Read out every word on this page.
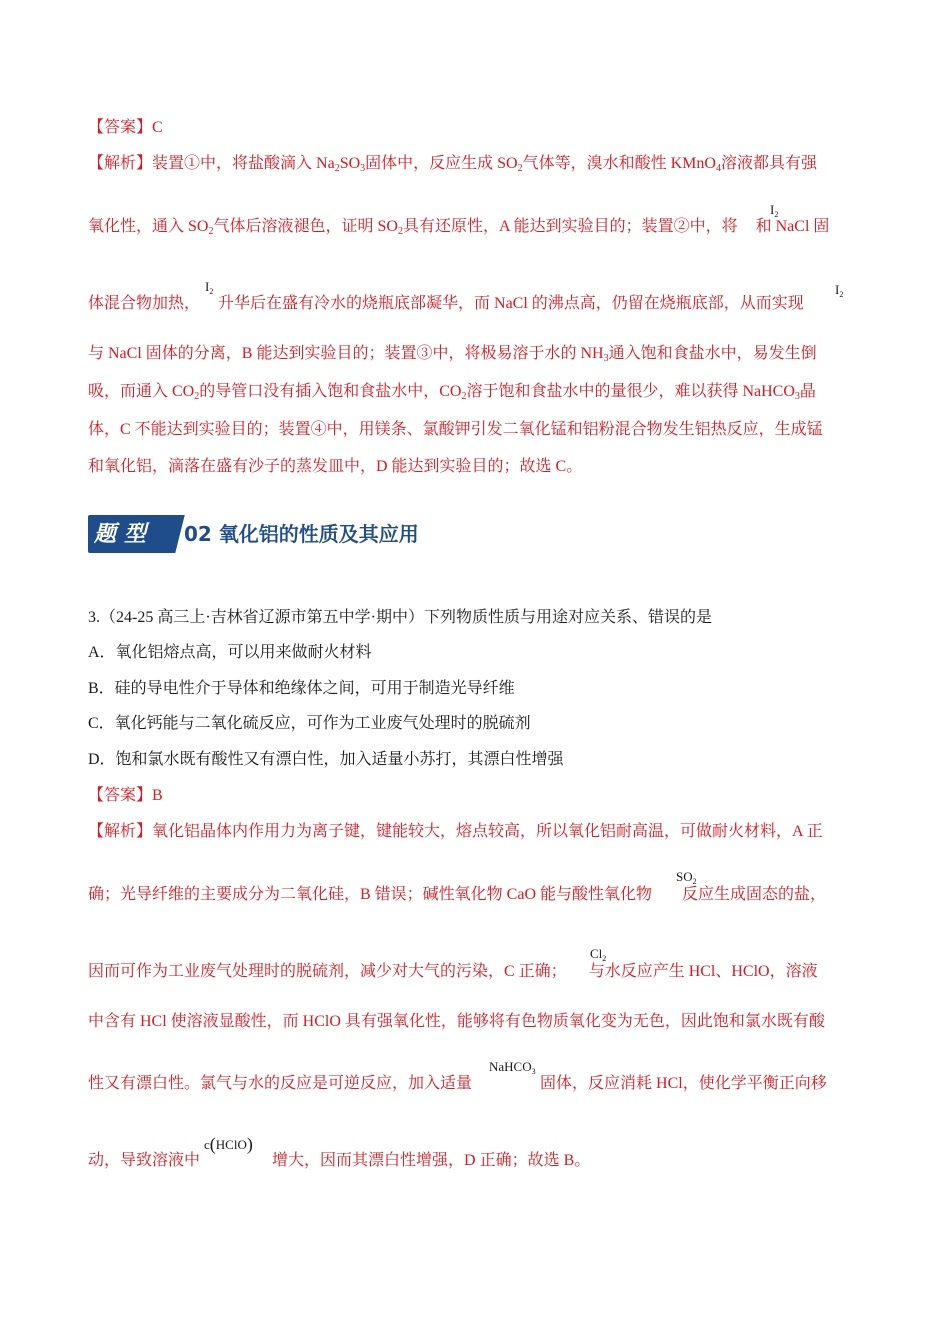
【答案】C
【解析】装置①中，将盐酸滴入 $Na_2SO_3$固体中，反应生成 $SO_2$气体等，溴水和酸性 KMnO$_4$溶液都具有强
氧化性，通入 $SO_2$气体后溶液褪色，证明 $SO_2$具有还原性，A 能达到实验目的；装置②中，将 和 NaCl 固
$I_2$
体混合物加热， 升华后在盛有冷水的烧瓶底部凝华，而 NaCl 的沸点高，仍留在烧瓶底部，从而实现
$I_2$	$I_2$
与 NaCl 固体的分离，B 能达到实验目的；装置③中，将极易溶于水的 $NH_3$通入饱和食盐水中，易发生倒
吸，而通入 $CO_2$的导管口没有插入饱和食盐水中，$CO_2$溶于饱和食盐水中的量很少，难以获得 NaHCO$_3$晶
体，C 不能达到实验目的；装置④中，用镁条、氯酸钾引发二氧化锰和铝粉混合物发生铝热反应，生成锰
和氧化铝，滴落在盛有沙子的蒸发皿中，D 能达到实验目的；故选 C。
题型 02 氧化铝的性质及其应用
3.（24-25 高三上·吉林省辽源市第五中学·期中）下列物质性质与用途对应关系、错误的是
A．氧化铝熔点高，可以用来做耐火材料
B．硅的导电性介于导体和绝缘体之间，可用于制造光导纤维
C．氧化钙能与二氧化硫反应，可作为工业废气处理时的脱硫剂
D．饱和氯水既有酸性又有漂白性，加入适量小苏打，其漂白性增强
【答案】B
【解析】氧化铝晶体内作用力为离子键，键能较大，熔点较高，所以氧化铝耐高温，可做耐火材料，A 正
确；光导纤维的主要成分为二氧化硅，B 错误；碱性氧化物 CaO 能与酸性氧化物 反应生成固态的盐，
$SO_2$
因而可作为工业废气处理时的脱硫剂，减少对大气的污染，C 正确； 与水反应产生 HCl、HClO，溶液
$Cl_2$
中含有 HCl 使溶液显酸性，而 HClO 具有强氧化性，能够将有色物质氧化变为无色，因此饱和氯水既有酸
性又有漂白性。氯气与水的反应是可逆反应，加入适量	固体，反应消耗 HCl，使化学平衡正向移
NaHCO$_3$
动，导致溶液中	增大，因而其漂白性增强，D 正确；故选 B。
c(HClO)
